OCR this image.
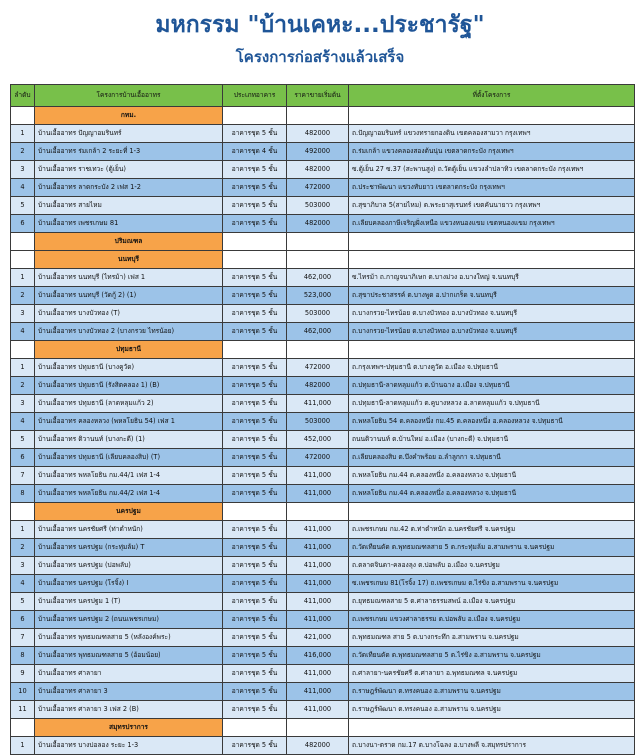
มหกรรม "บ้านเคหะ...ประชารัฐ"
โครงการก่อสร้างแล้วเสร็จ
ลำดับ	โครงการบ้านเอื้ออาทร	ประเภทอาคาร	ราคาขายเริ่มต้น	ที่ตั้งโครงการ
	กทม.			
1	บ้านเอื้ออาทร ปัญญาอมรินทร์	อาคารชุด 5 ชั้น	482000	ถ.ปัญญาอมรินทร์ แขวงทรายกองดิน เขตคลองสามวา กรุงเทพฯ
2	บ้านเอื้ออาทร ร่มเกล้า 2 ระยะที่ 1-3	อาคารชุด 4 ชั้น	492000	ถ.ร่มเกล้า แขวงคลองสองต้นนุ่น เขตลาดกระบัง กรุงเทพฯ
3	บ้านเอื้ออาทร ราชเทวะ (ตู้เย็น)	อาคารชุด 5 ชั้น	482000	ซ.ตู้เย็น 27 ซ.37 (สะพานสูง) ถ.วัดตู้เย็น แขวงลำปลาทิว เขตลาดกระบัง กรุงเทพฯ
4	บ้านเอื้ออาทร ลาดกระบัง 2 เฟส 1-2	อาคารชุด 5 ชั้น	472000	ถ.ประชาพัฒนา แขวงทับยาว เขตลาดกระบัง กรุงเทพฯ
5	บ้านเอื้ออาทร สายไหม	อาคารชุด 5 ชั้น	503000	ถ.สุขาภิบาล 5(สายไหม) ต.พระยาสุเรนทร์ เขตคันนายาว กรุงเทพฯ
6	บ้านเอื้ออาทร เพชรเกษม 81	อาคารชุด 5 ชั้น	482000	ถ.เลียบคลองภาษีเจริญฝั่งเหนือ แขวงหนองแขม เขตหนองแขม กรุงเทพฯ
	ปริมณฑล			
	นนทบุรี			
1	บ้านเอื้ออาทร นนทบุรี (ไทรม้า) เฟส 1	อาคารชุด 5 ชั้น	462,000	ซ.ไทรม้า ถ.กาญจนาภิเษก ต.บางม่วง อ.บางใหญ่ จ.นนทบุรี
2	บ้านเอื้ออาทร นนทบุรี (วัดกู้ 2) (1)	อาคารชุด 5 ชั้น	523,000	ถ.สุขาประชาสรรค์ ต.บางพูด อ.ปากเกร็ด จ.นนทบุรี
3	บ้านเอื้ออาทร บางบัวทอง (T)	อาคารชุด 5 ชั้น	503000	ถ.บางกรวย-ไทรน้อย ต.บางบัวทอง อ.บางบัวทอง จ.นนทบุรี
4	บ้านเอื้ออาทร บางบัวทอง 2 (บางกรวย ไทรน้อย)	อาคารชุด 5 ชั้น	462,000	ถ.บางกรวย-ไทรน้อย ต.บางบัวทอง อ.บางบัวทอง จ.นนทบุรี
	ปทุมธานี			
1	บ้านเอื้ออาทร ปทุมธานี (บางคูวัด)	อาคารชุด 5 ชั้น	472000	ถ.กรุงเทพฯ-ปทุมธานี ต.บางคูวัด อ.เมือง จ.ปทุมธานี
2	บ้านเอื้ออาทร ปทุมธานี (รังสิตคลอง 1) (B)	อาคารชุด 5 ชั้น	482000	ถ.ปทุมธานี-ลาดหลุมแก้ว ต.บ้านฉาง อ.เมือง จ.ปทุมธานี
3	บ้านเอื้ออาทร ปทุมธานี (ลาดหลุมแก้ว 2)	อาคารชุด 5 ชั้น	411,000	ถ.ปทุมธานี-ลาดหลุมแก้ว ต.คูบางหลวง อ.ลาดหลุมแก้ว จ.ปทุมธานี
4	บ้านเอื้ออาทร คลองหลวง (พหลโยธิน 54) เฟส 1	อาคารชุด 5 ชั้น	503000	ถ.พหลโยธิน 54 ต.คลองหนึ่ง กม.45 ต.คลองหนึ่ง อ.คลองหลวง จ.ปทุมธานี
5	บ้านเอื้ออาทร ติวานนท์ (บางกะดี) (1)	อาคารชุด 5 ชั้น	452,000	ถนนติวานนท์ ต.บ้านใหม่ อ.เมือง (บางกะดี) จ.ปทุมธานี
6	บ้านเอื้ออาทร ปทุมธานี (เลียบคลองสิบ) (T)	อาคารชุด 5 ชั้น	472000	ถ.เลียบคลองสิบ ต.บึงคำพร้อย อ.ลำลูกกา จ.ปทุมธานี
7	บ้านเอื้ออาทร พหลโยธิน กม.44/1 เฟส 1-4	อาคารชุด 5 ชั้น	411,000	ถ.พหลโยธิน กม.44 ต.คลองหนึ่ง อ.คลองหลวง จ.ปทุมธานี
8	บ้านเอื้ออาทร พหลโยธิน กม.44/2 เฟส 1-4	อาคารชุด 5 ชั้น	411,000	ถ.พหลโยธิน กม.44 ต.คลองหนึ่ง อ.คลองหลวง จ.ปทุมธานี
	นครปฐม			
1	บ้านเอื้ออาทร นครชัยศรี (ท่าตำหนัก)	อาคารชุด 5 ชั้น	411,000	ถ.เพชรเกษม กม.42 ต.ท่าตำหนัก อ.นครชัยศรี จ.นครปฐม
2	บ้านเอื้ออาทร นครปฐม (กระทุ่มล้ม) T	อาคารชุด 5 ชั้น	411,000	ถ.วัดเทียนดัด ต.พุทธมณฑลสาย 5 ต.กระทุ่มล้ม อ.สามพราน จ.นครปฐม
3	บ้านเอื้ออาทร นครปฐม (บ่อพลับ)	อาคารชุด 5 ชั้น	411,000	ถ.ตลาดจินดา-คลองลุง ต.บ่อพลับ อ.เมือง จ.นครปฐม
4	บ้านเอื้ออาทร นครปฐม (โรจิ้ง) I	อาคารชุด 5 ชั้น	411,000	ซ.เพชรเกษม 81(โรจิ้ง 17) ถ.เพชรเกษม ต.ไร่ขิง อ.สามพราน จ.นครปฐม
5	บ้านเอื้ออาทร นครปฐม 1 (T)	อาคารชุด 5 ชั้น	411,000	ถ.ยุทธมณฑลสาย 5 ต.ศาลาธรรมสพน์ อ.เมือง จ.นครปฐม
6	บ้านเอื้ออาทร นครปฐม 2 (ถนนเพชรเกษม)	อาคารชุด 5 ชั้น	411,000	ถ.เพชรเกษม แขวงศาลาธรรม ต.บ่อพลับ อ.เมือง จ.นครปฐม
7	บ้านเอื้ออาทร พุทธมณฑลสาย 5 (หลังองค์พระ)	อาคารชุด 5 ชั้น	421,000	ถ.พุทธมณฑล สาย 5 ต.บางกระทึก อ.สามพราน จ.นครปฐม
8	บ้านเอื้ออาทร พุทธมณฑลสาย 5 (อ้อมน้อย)	อาคารชุด 5 ชั้น	416,000	ถ.วัดเทียนดัด ต.พุทธมณฑลสาย 5 ต.ไร่ขิง อ.สามพราน จ.นครปฐม
9	บ้านเอื้ออาทร ศาลายา	อาคารชุด 5 ชั้น	411,000	ถ.ศาลายา-นครชัยศรี ต.ศาลายา อ.พุทธมณฑล จ.นครปฐม
10	บ้านเอื้ออาทร ศาลายา 3	อาคารชุด 5 ชั้น	411,000	ถ.ราษฎร์พัฒนา ต.ทรงคนอง อ.สามพราน จ.นครปฐม
11	บ้านเอื้ออาทร ศาลายา 3 เฟส 2 (B)	อาคารชุด 5 ชั้น	411,000	ถ.ราษฎร์พัฒนา ต.ทรงคนอง อ.สามพราน จ.นครปฐม
	สมุทรปราการ			
1	บ้านเอื้ออาทร บางบ่อลอง ระยะ 1-3	อาคารชุด 5 ชั้น	482000	ถ.บางนา-ตราด กม.17 ต.บางโฉลง อ.บางพลี จ.สมุทรปราการ
